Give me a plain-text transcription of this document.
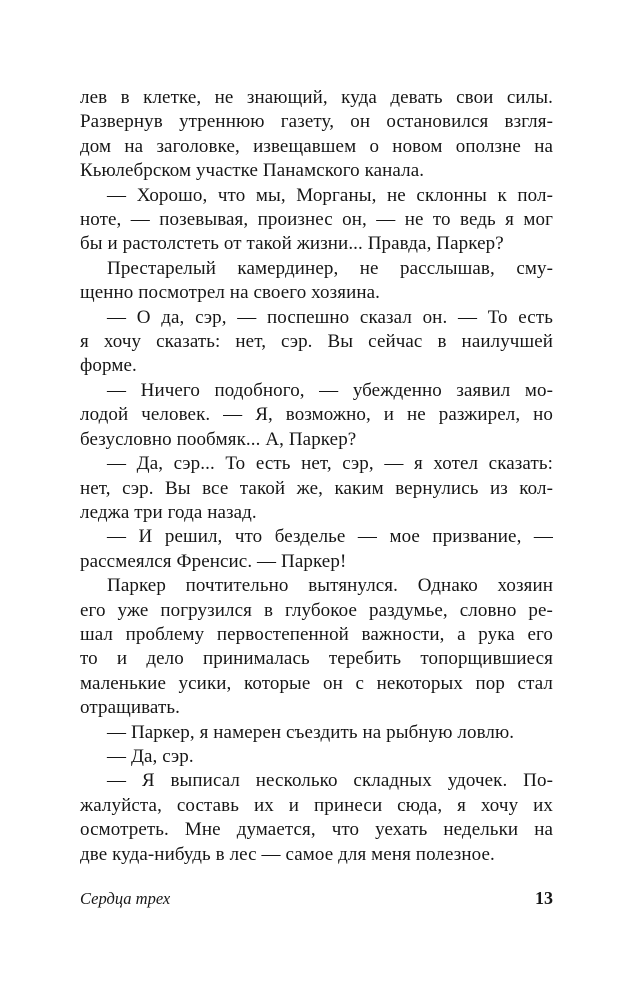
лев в клетке, не знающий, куда девать свои силы.
Развернув утреннюю газету, он остановился взгля-
дом на заголовке, извещавшем о новом оползне на
Кьюлебрском участке Панамского канала.
— Хорошо, что мы, Морганы, не склонны к пол-
ноте, — позевывая, произнес он, — не то ведь я мог
бы и растолстеть от такой жизни... Правда, Паркер?
Престарелый камердинер, не расслышав, сму-
щенно посмотрел на своего хозяина.
— О да, сэр, — поспешно сказал он. — То есть
я хочу сказать: нет, сэр. Вы сейчас в наилучшей
форме.
— Ничего подобного, — убежденно заявил мо-
лодой человек. — Я, возможно, и не разжирел, но
безусловно пообмяк... А, Паркер?
— Да, сэр... То есть нет, сэр, — я хотел сказать:
нет, сэр. Вы все такой же, каким вернулись из кол-
леджа три года назад.
— И решил, что безделье — мое призвание, —
рассмеялся Френсис. — Паркер!
Паркер почтительно вытянулся. Однако хозяин
его уже погрузился в глубокое раздумье, словно ре-
шал проблему первостепенной важности, а рука его
то и дело принималась теребить топорщившиеся
маленькие усики, которые он с некоторых пор стал
отращивать.
— Паркер, я намерен съездить на рыбную ловлю.
— Да, сэр.
— Я выписал несколько складных удочек. По-
жалуйста, составь их и принеси сюда, я хочу их
осмотреть. Мне думается, что уехать недельки на
две куда-нибудь в лес — самое для меня полезное.
Сердца трех	13
